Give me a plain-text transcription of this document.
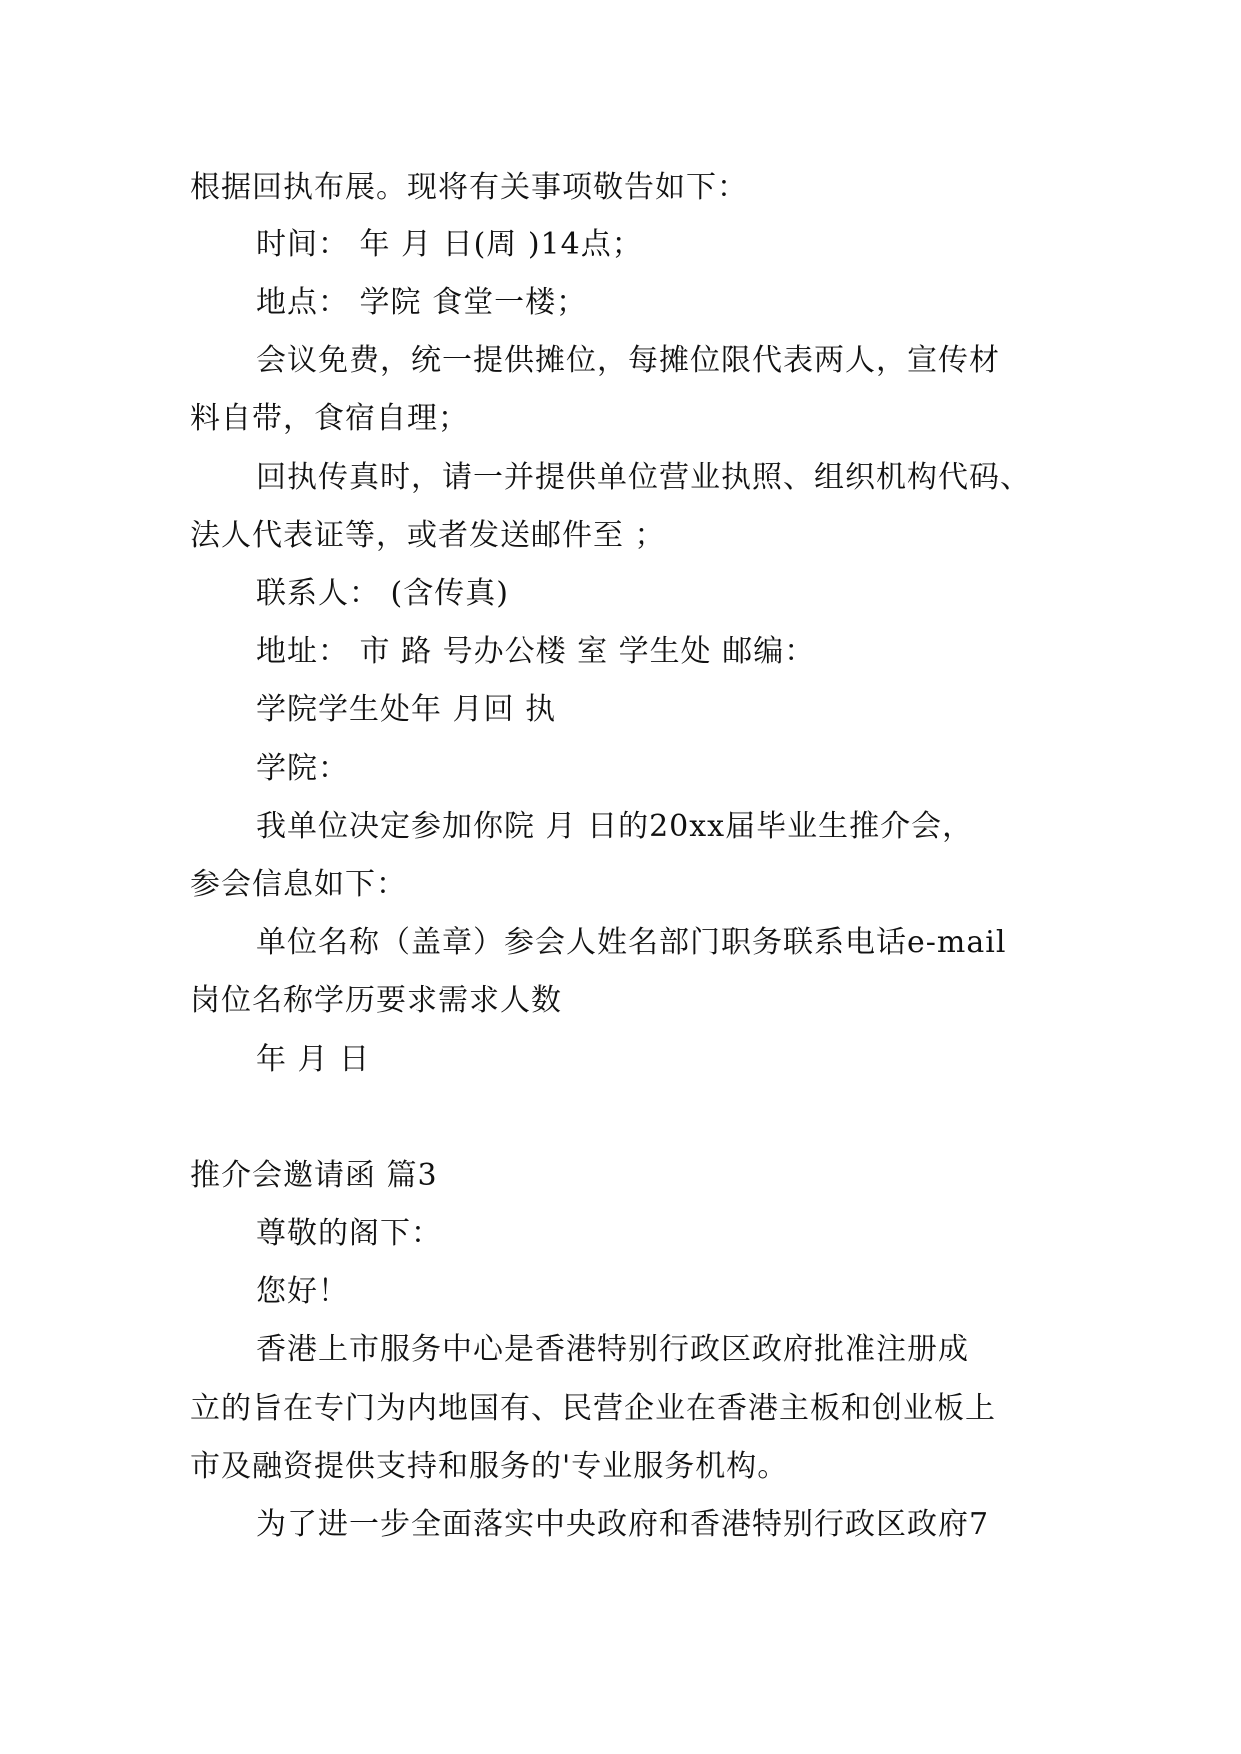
根据回执布展。现将有关事项敬告如下：
时间： 年 月 日(周 )14点；
地点： 学院 食堂一楼；
会议免费，统一提供摊位，每摊位限代表两人，宣传材
料自带，食宿自理；
回执传真时，请一并提供单位营业执照、组织机构代码、
法人代表证等，或者发送邮件至 ；
联系人： (含传真)
地址： 市 路 号办公楼 室 学生处 邮编：
学院学生处年 月回 执
学院：
我单位决定参加你院 月 日的20xx届毕业生推介会，
参会信息如下：
单位名称（盖章）参会人姓名部门职务联系电话e-mail
岗位名称学历要求需求人数
年 月 日
推介会邀请函 篇3
尊敬的阁下：
您好！
香港上市服务中心是香港特别行政区政府批准注册成
立的旨在专门为内地国有、民营企业在香港主板和创业板上
市及融资提供支持和服务的'专业服务机构。
为了进一步全面落实中央政府和香港特别行政区政府7
